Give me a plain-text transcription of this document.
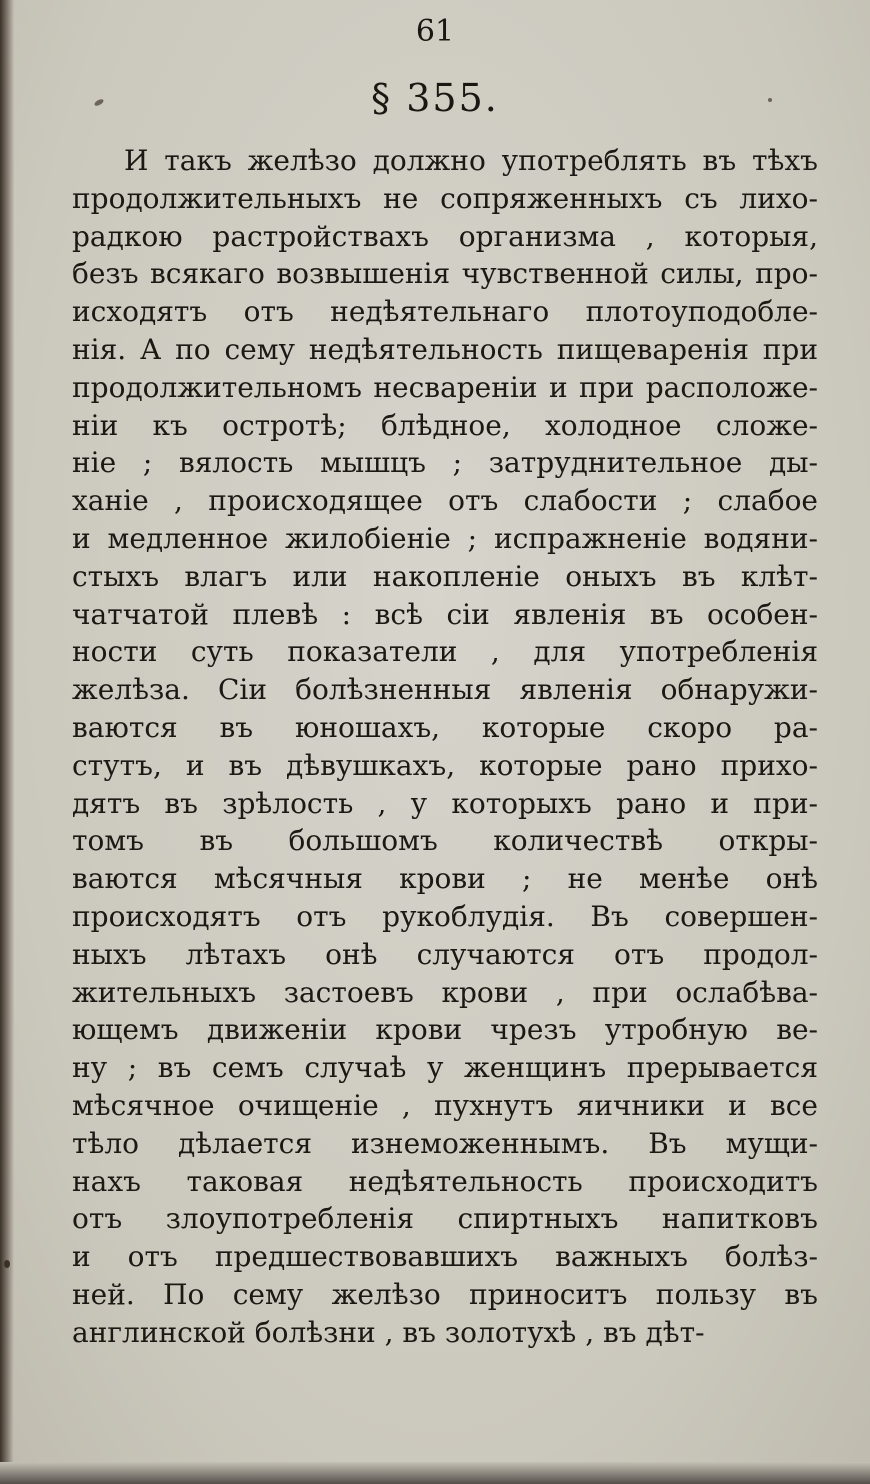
61
§ 355.
И такъ желѣзо должно употреблять въ тѣхъ
продолжительныхъ не сопряженныхъ съ лихо-
радкою растройствахъ организма , которыя,
безъ всякаго возвышенія чувственной силы, про-
исходятъ отъ недѣятельнаго плотоуподобле-
нія. А по сему недѣятельность пищеваренія при
продолжительномъ несвареніи и при расположе-
ніи къ остротѣ; блѣдное, холодное сложе-
ніе ; вялость мышцъ ; затруднительное ды-
ханіе , происходящее отъ слабости ; слабое
и медленное жилобіеніе ; испражненіе водяни-
стыхъ влагъ или накопленіе оныхъ въ клѣт-
чатчатой плевѣ : всѣ сіи явленія въ особен-
ности суть показатели , для употребленія
желѣза. Сіи болѣзненныя явленія обнаружи-
ваются въ юношахъ, которые скоро ра-
стутъ, и въ дѣвушкахъ, которые рано прихо-
дятъ въ зрѣлость , у которыхъ рано и при-
томъ въ большомъ количествѣ откры-
ваются мѣсячныя крови ; не менѣе онѣ
происходятъ отъ рукоблудія. Въ совершен-
ныхъ лѣтахъ онѣ случаются отъ продол-
жительныхъ застоевъ крови , при ослабѣва-
ющемъ движеніи крови чрезъ утробную ве-
ну ; въ семъ случаѣ у женщинъ прерывается
мѣсячное очищеніе , пухнутъ яичники и все
тѣло дѣлается изнеможеннымъ. Въ мущи-
нахъ таковая недѣятельность происходитъ
отъ злоупотребленія спиртныхъ напитковъ
и отъ предшествовавшихъ важныхъ болѣз-
ней. По сему желѣзо приноситъ пользу въ
англинской болѣзни , въ золотухѣ , въ дѣт-
